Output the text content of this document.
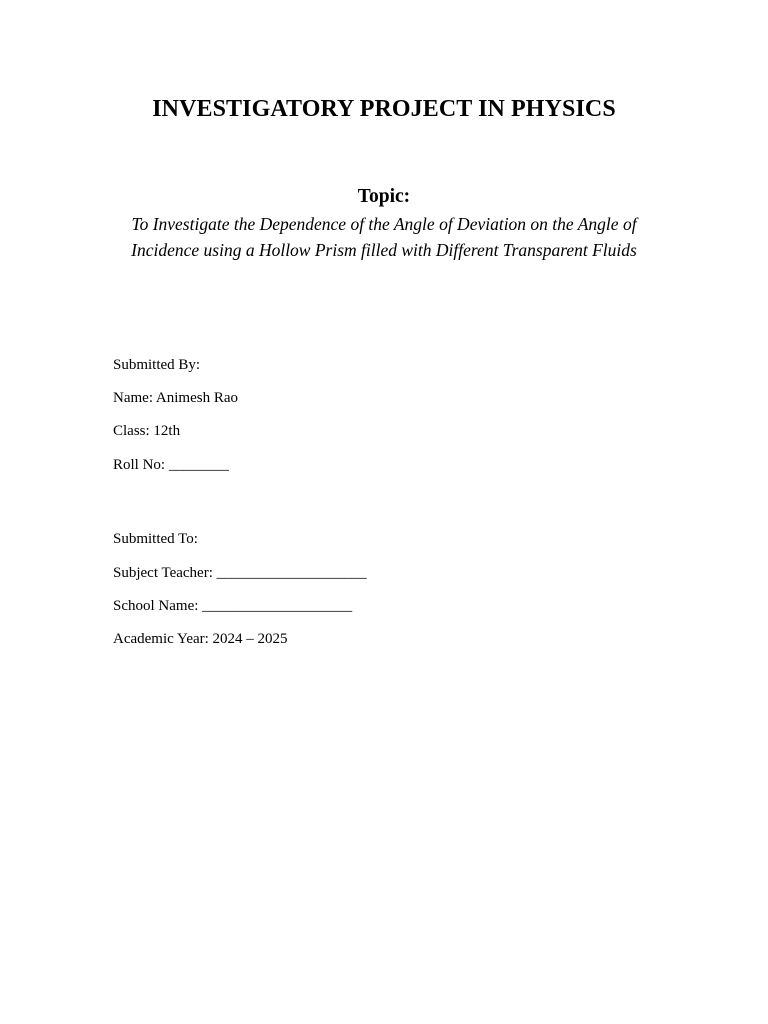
INVESTIGATORY PROJECT IN PHYSICS
Topic:
To Investigate the Dependence of the Angle of Deviation on the Angle of
Incidence using a Hollow Prism filled with Different Transparent Fluids
Submitted By:
Name: Animesh Rao
Class: 12th
Roll No: ________
Submitted To:
Subject Teacher: ____________________
School Name: ____________________
Academic Year: 2024 – 2025
